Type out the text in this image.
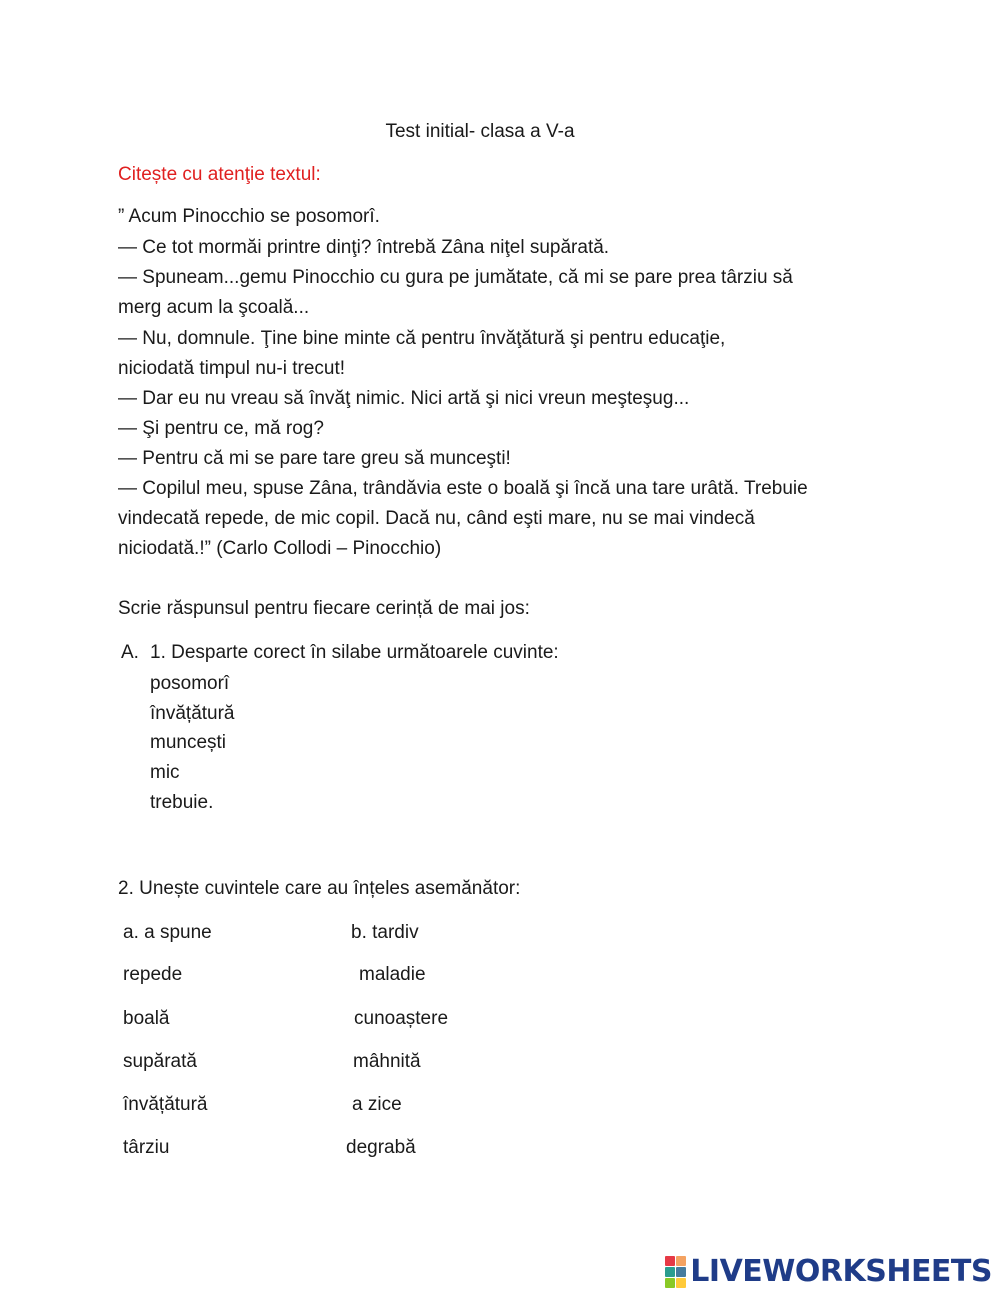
Test initial- clasa a V-a
Citește cu atenţie textul:
” Acum Pinocchio se posomorî.
— Ce tot mormăi printre dinţi? întrebă Zâna niţel supărată.
— Spuneam...gemu Pinocchio cu gura pe jumătate, că mi se pare prea târziu să
merg acum la şcoală...
— Nu, domnule. Ţine bine minte că pentru învăţătură şi pentru educaţie,
niciodată timpul nu-i trecut!
— Dar eu nu vreau să învăţ nimic. Nici artă şi nici vreun meşteşug...
— Şi pentru ce, mă rog?
— Pentru că mi se pare tare greu să munceşti!
— Copilul meu, spuse Zâna, trândăvia este o boală şi încă una tare urâtă. Trebuie
vindecată repede, de mic copil. Dacă nu, când eşti mare, nu se mai vindecă
niciodată.!” (Carlo Collodi – Pinocchio)
Scrie răspunsul pentru fiecare cerință de mai jos:
A. 1. Desparte corect în silabe următoarele cuvinte:
posomorî
învățătură
muncești
mic
trebuie.
2. Unește cuvintele care au înțeles asemănător:
a. a spune
repede
boală
supărată
învățătură
târziu
b. tardiv
maladie
cunoaștere
mâhnită
a zice
degrabă
LIVEWORKSHEETS
